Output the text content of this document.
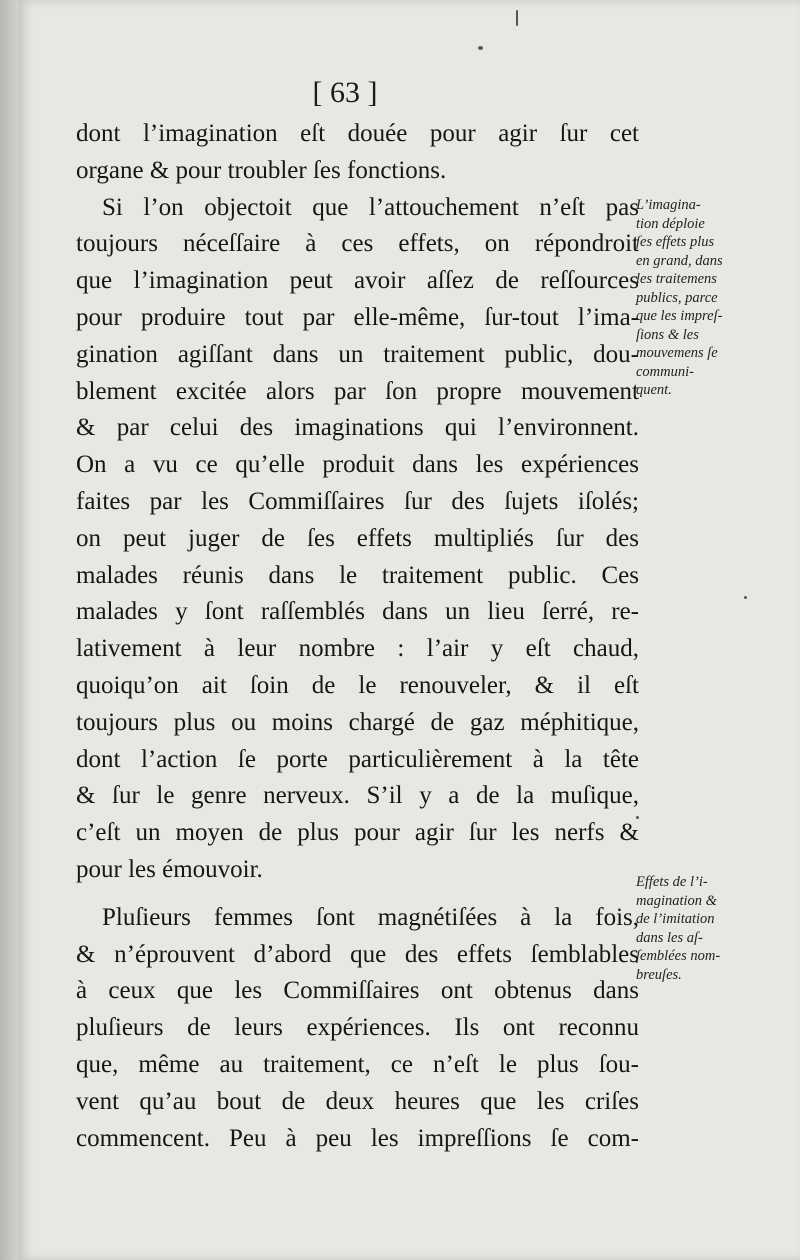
[ 63 ]
dont l’imagination eſt douée pour agir ſur cet
organe & pour troubler ſes fonctions.
Si l’on objectoit que l’attouchement n’eſt pas
toujours néceſſaire à ces effets, on répondroit
que l’imagination peut avoir aſſez de reſſources
pour produire tout par elle-même, ſur-tout l’ima-
gination agiſſant dans un traitement public, dou-
blement excitée alors par ſon propre mouvement
& par celui des imaginations qui l’environnent.
On a vu ce qu’elle produit dans les expériences
faites par les Commiſſaires ſur des ſujets iſolés;
on peut juger de ſes effets multipliés ſur des
malades réunis dans le traitement public. Ces
malades y ſont raſſemblés dans un lieu ſerré, re-
lativement à leur nombre : l’air y eſt chaud,
quoiqu’on ait ſoin de le renouveler, & il eſt
toujours plus ou moins chargé de gaz méphitique,
dont l’action ſe porte particulièrement à la tête
& ſur le genre nerveux. S’il y a de la muſique,
c’eſt un moyen de plus pour agir ſur les nerfs &
pour les émouvoir.
Pluſieurs femmes ſont magnétiſées à la fois,
& n’éprouvent d’abord que des effets ſemblables
à ceux que les Commiſſaires ont obtenus dans
pluſieurs de leurs expériences. Ils ont reconnu
que, même au traitement, ce n’eſt le plus ſou-
vent qu’au bout de deux heures que les criſes
commencent. Peu à peu les impreſſions ſe com-
L’imagina-
tion déploie
ſes effets plus
en grand, dans
les traitemens
publics, parce
que les impreſ-
ſions & les
mouvemens ſe
communi-
quent.
Effets de l’i-
magination &
de l’imitation
dans les aſ-
ſemblées nom-
breuſes.
